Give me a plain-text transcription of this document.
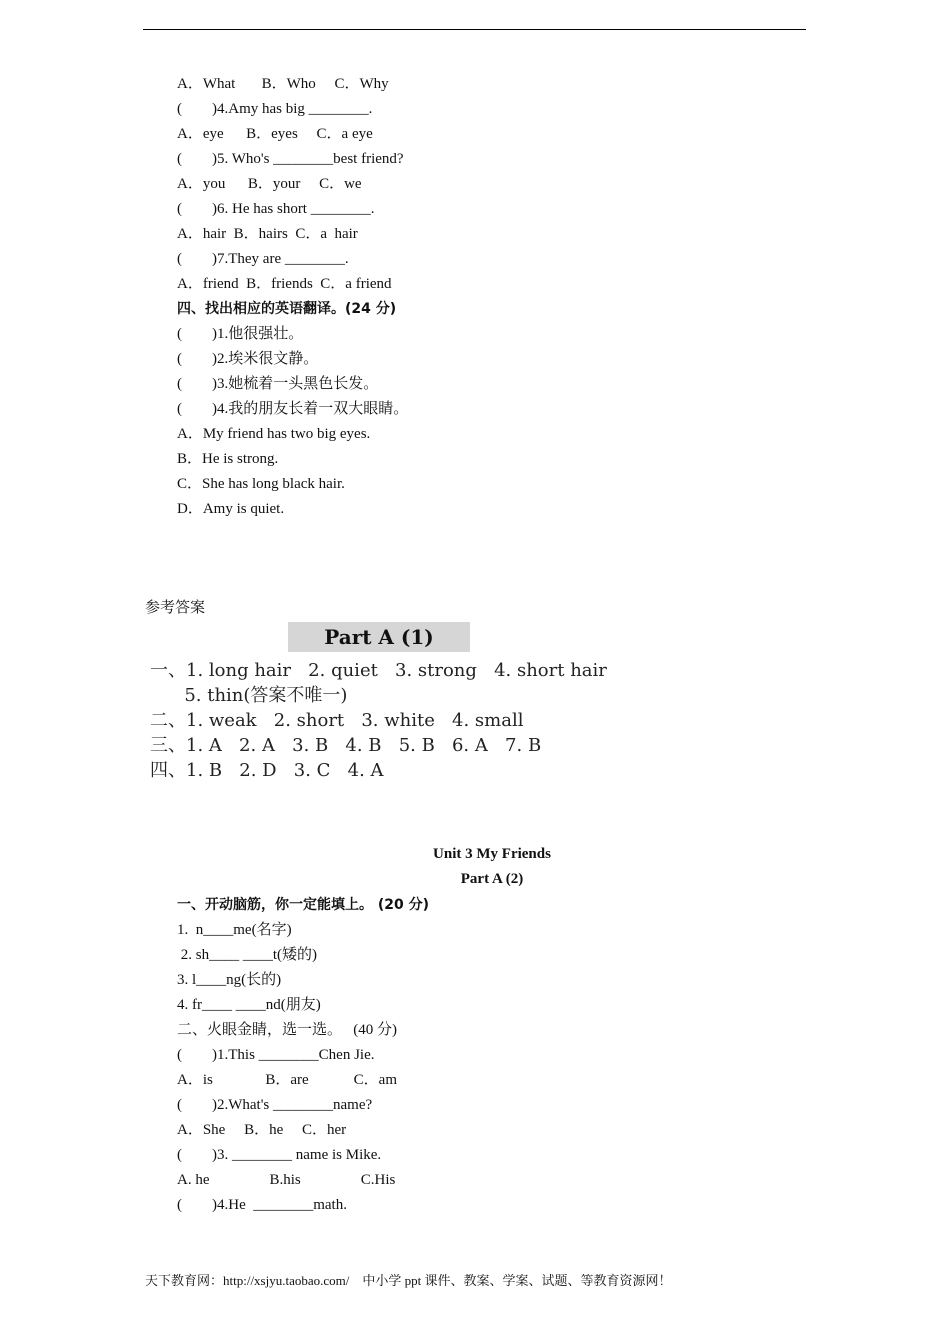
A．What       B．Who     C．Why
(        )4.Amy has big ________.
A．eye      B．eyes     C．a eye
(        )5. Who's ________best friend?
A．you      B．your     C．we
(        )6. He has short ________.
A．hair  B．hairs  C．a  hair
(        )7.They are ________.
A．friend  B．friends  C．a friend
四、找出相应的英语翻译。(24 分)
(        )1.他很强壮。
(        )2.埃米很文静。
(        )3.她梳着一头黑色长发。
(        )4.我的朋友长着一双大眼睛。
A．My friend has two big eyes.
B．He is strong.
C．She has long black hair.
D．Amy is quiet.
参考答案
Part A (1)
一、1. long hair   2. quiet   3. strong   4. short hair
5. thin(答案不唯一)
二、1. weak   2. short   3. white   4. small
三、1. A   2. A   3. B   4. B   5. B   6. A   7. B
四、1. B   2. D   3. C   4. A
Unit 3 My Friends
Part A (2)
一、开动脑筋，你一定能填上。 (20 分)
1.  n____me(名字)
2. sh____ ____t(矮的)
3. l____ng(长的)
4. fr____ ____nd(朋友)
二、火眼金睛，选一选。   (40 分)
(        )1.This ________Chen Jie.
A．is              B．are            C．am
(        )2.What's ________name?
A．She     B．he     C．her
(        )3. ________ name is Mike.
A. he                B.his                C.His
(        )4.He  ________math.
天下教育网：http://xsjyu.taobao.com/    中小学 ppt 课件、教案、学案、试题、等教育资源网！
